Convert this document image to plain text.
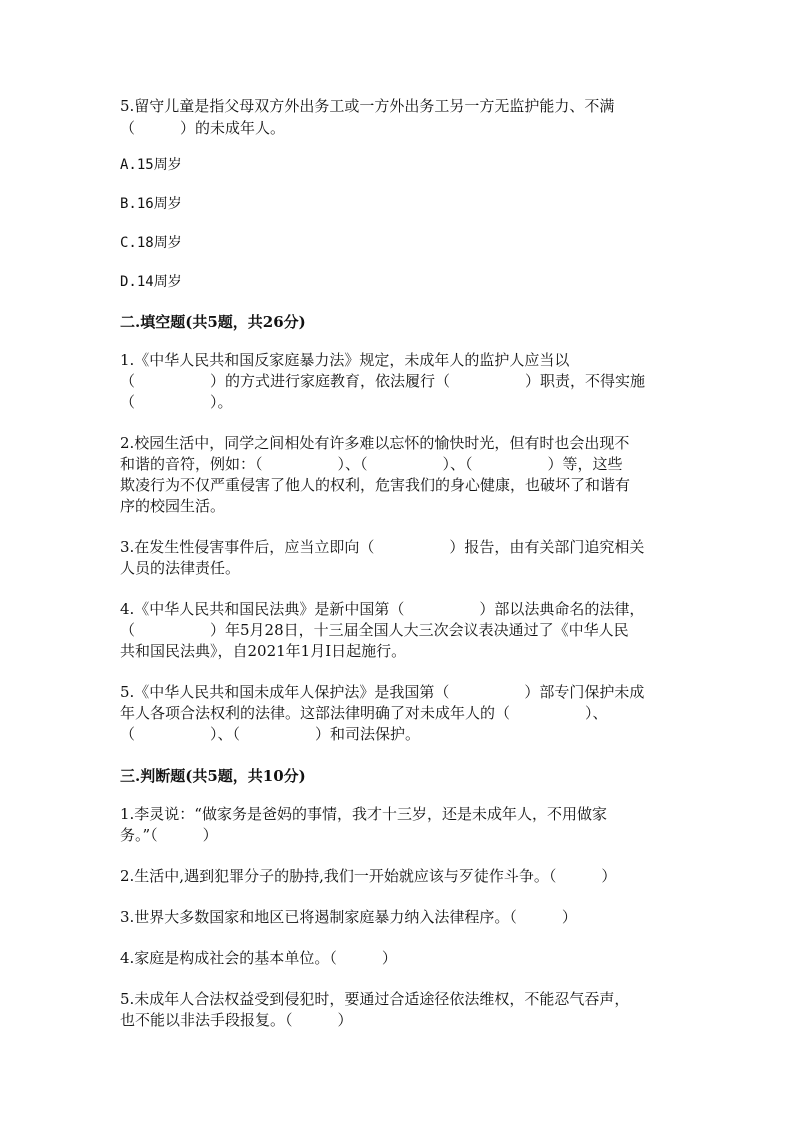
5.留守儿童是指父母双方外出务工或一方外出务工另一方无监护能力、不满

（　　　）的未成年人。

A.15周岁

B.16周岁

C.18周岁

D.14周岁

二.填空题(共5题，共26分)

1.《中华人民共和国反家庭暴力法》规定，未成年人的监护人应当以
（　　　　　）的方式进行家庭教育，依法履行（　　　　　）职责，不得实施
（　　　　　）。
2.校园生活中，同学之间相处有许多难以忘怀的愉快时光，但有时也会出现不
和谐的音符，例如：（　　　　　）、（　　　　　）、（　　　　　）等，这些
欺凌行为不仅严重侵害了他人的权利，危害我们的身心健康，也破坏了和谐有
序的校园生活。
3.在发生性侵害事件后，应当立即向（　　　　　）报告，由有关部门追究相关
人员的法律责任。
4.《中华人民共和国民法典》是新中国第（　　　　　）部以法典命名的法律，
（　　　　　）年5月28日，十三届全国人大三次会议表决通过了《中华人民
共和国民法典》，自2021年1月I日起施行。
5.《中华人民共和国未成年人保护法》是我国第（　　　　　）部专门保护未成
年人各项合法权利的法律。这部法律明确了对未成年人的（　　　　　）、
（　　　　　）、（　　　　　）和司法保护。

三.判断题(共5题，共10分)

1.李灵说：“做家务是爸妈的事情，我才十三岁，还是未成年人，不用做家
务。”（　　　）
2.生活中,遇到犯罪分子的胁持,我们一开始就应该与歹徒作斗争。（　　　）
3.世界大多数国家和地区已将遏制家庭暴力纳入法律程序。（　　　）
4.家庭是构成社会的基本单位。（　　　）
5.未成年人合法权益受到侵犯时，要通过合适途径依法维权，不能忍气吞声，
也不能以非法手段报复。（　　　）
